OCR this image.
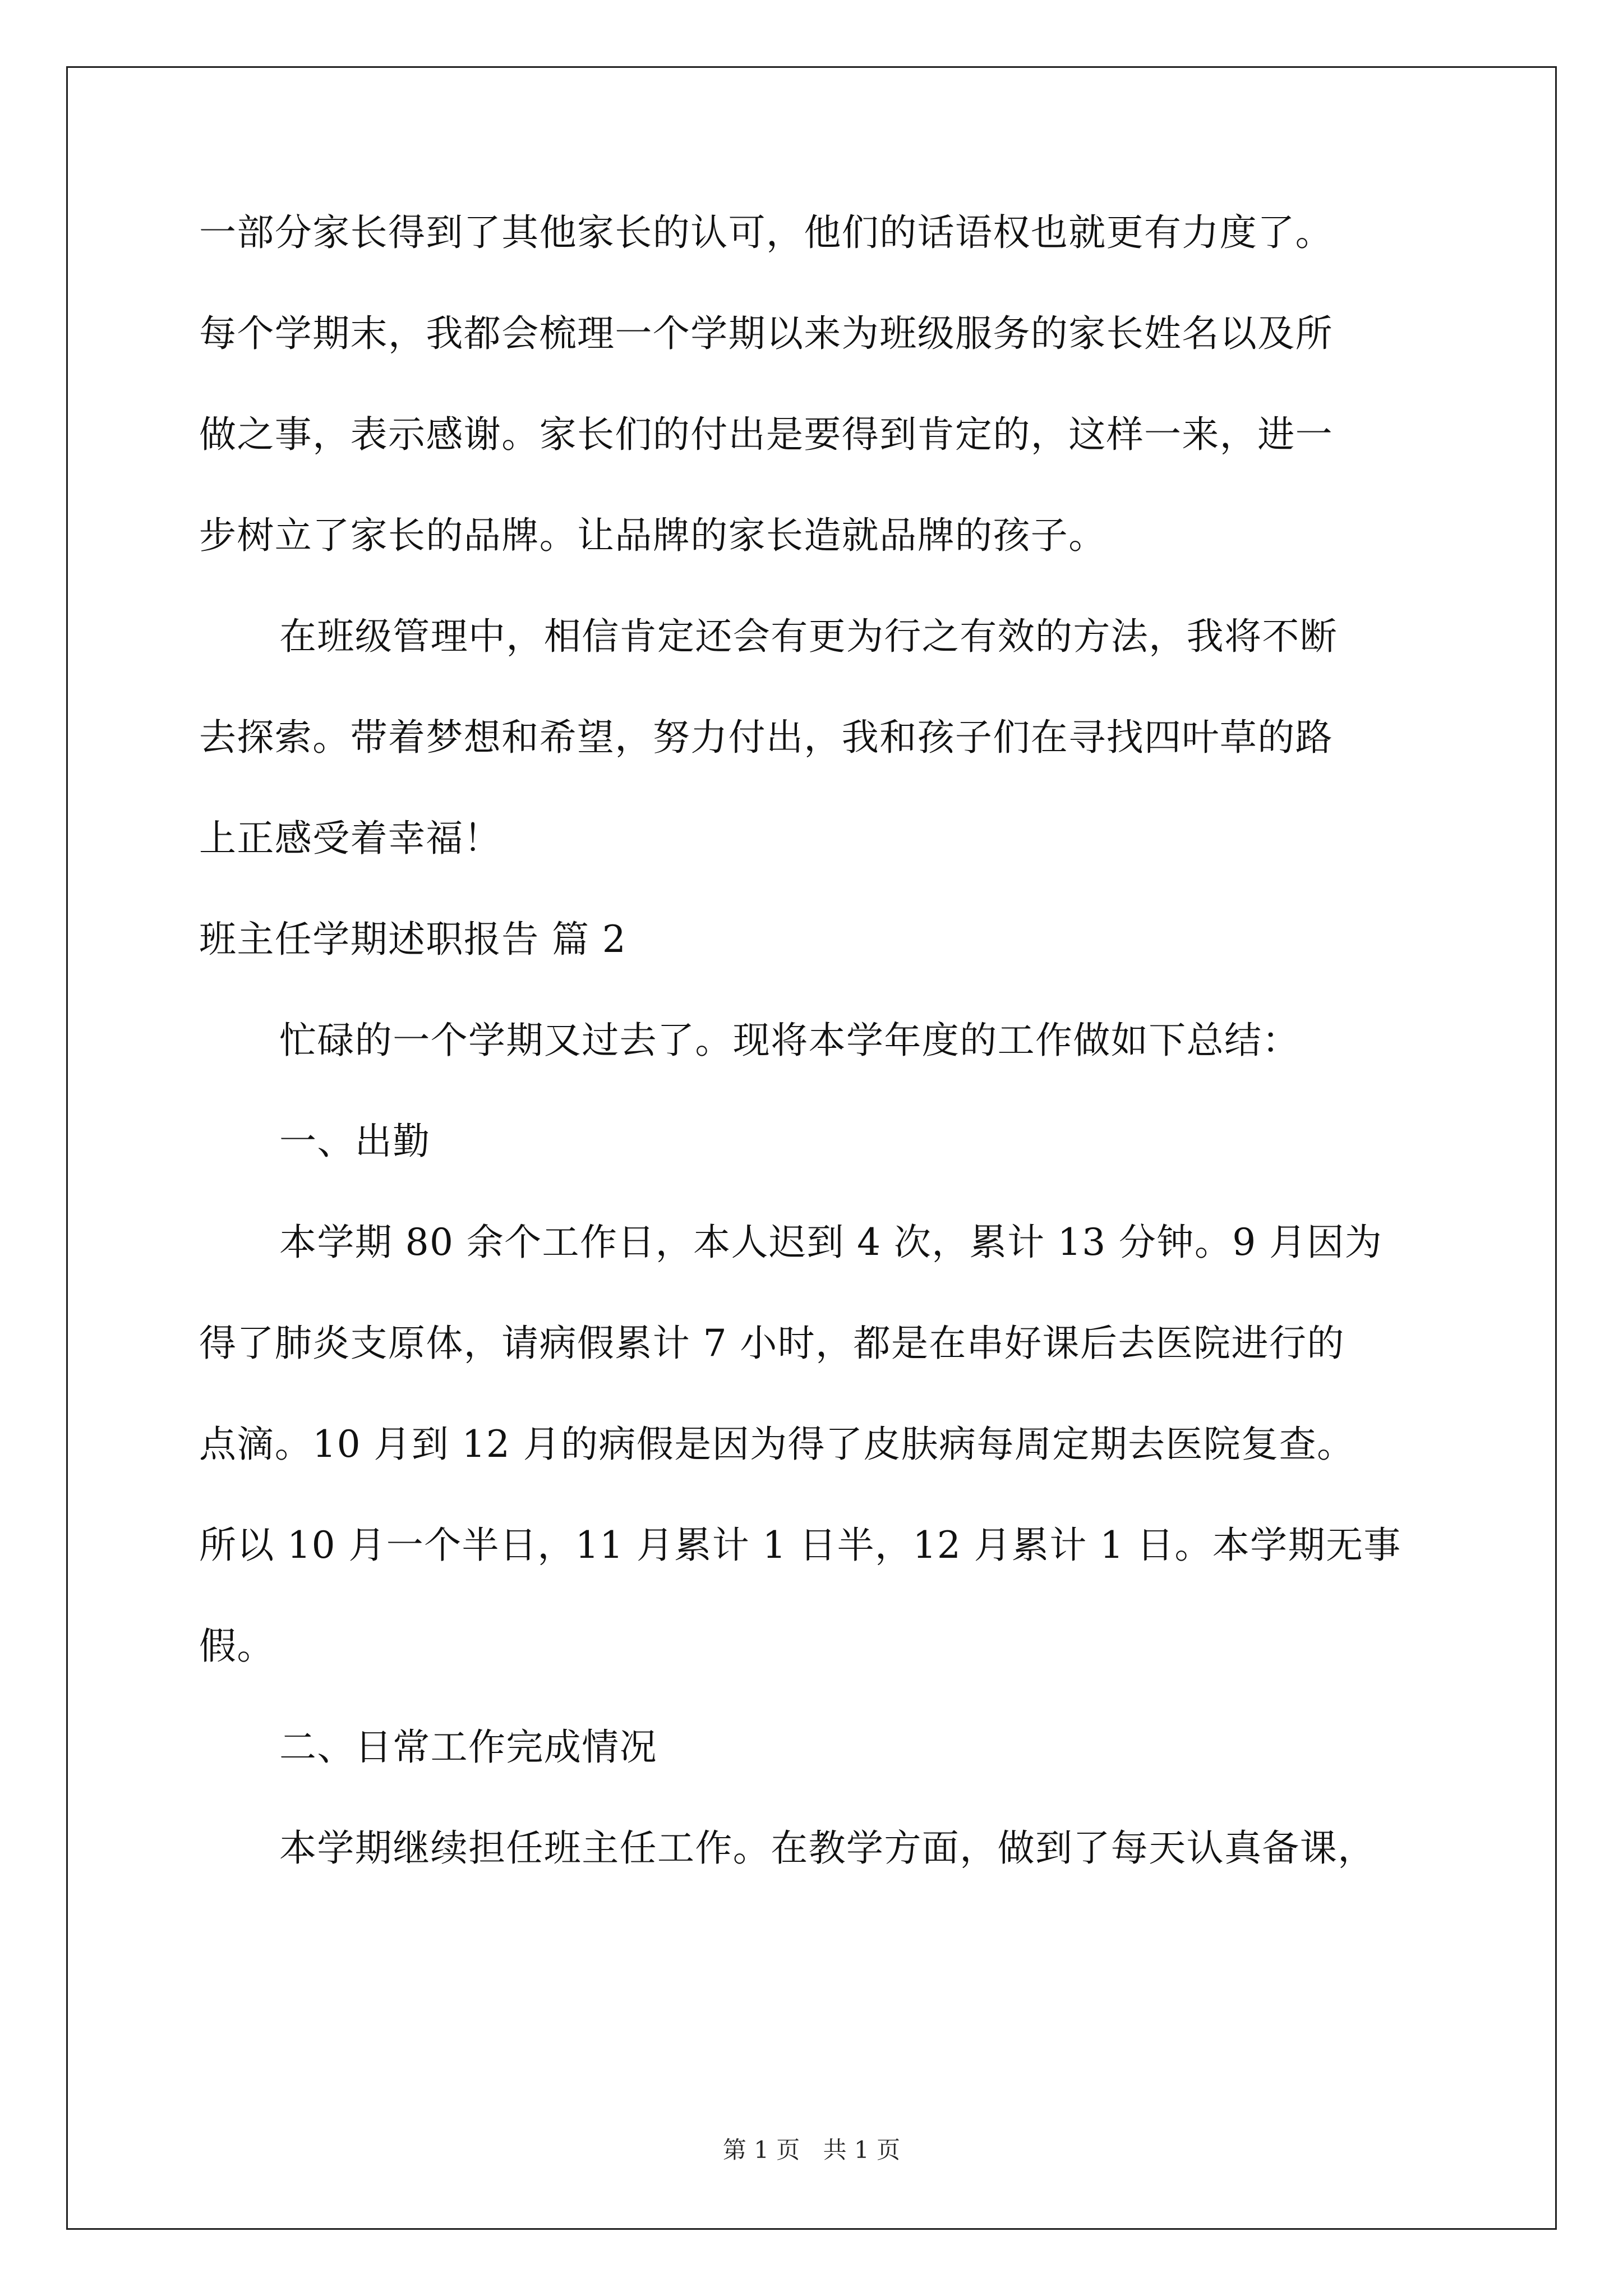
一部分家长得到了其他家长的认可，他们的话语权也就更有力度了。
每个学期末，我都会梳理一个学期以来为班级服务的家长姓名以及所
做之事，表示感谢。家长们的付出是要得到肯定的，这样一来，进一
步树立了家长的品牌。让品牌的家长造就品牌的孩子。
在班级管理中，相信肯定还会有更为行之有效的方法，我将不断
去探索。带着梦想和希望，努力付出，我和孩子们在寻找四叶草的路
上正感受着幸福！
班主任学期述职报告 篇 2
忙碌的一个学期又过去了。现将本学年度的工作做如下总结：
一、出勤
本学期 80 余个工作日，本人迟到 4 次，累计 13 分钟。9 月因为
得了肺炎支原体，请病假累计 7 小时，都是在串好课后去医院进行的
点滴。10 月到 12 月的病假是因为得了皮肤病每周定期去医院复查。
所以 10 月一个半日，11 月累计 1 日半，12 月累计 1 日。本学期无事
假。
二、日常工作完成情况
本学期继续担任班主任工作。在教学方面，做到了每天认真备课，
第 1 页 共 1 页
